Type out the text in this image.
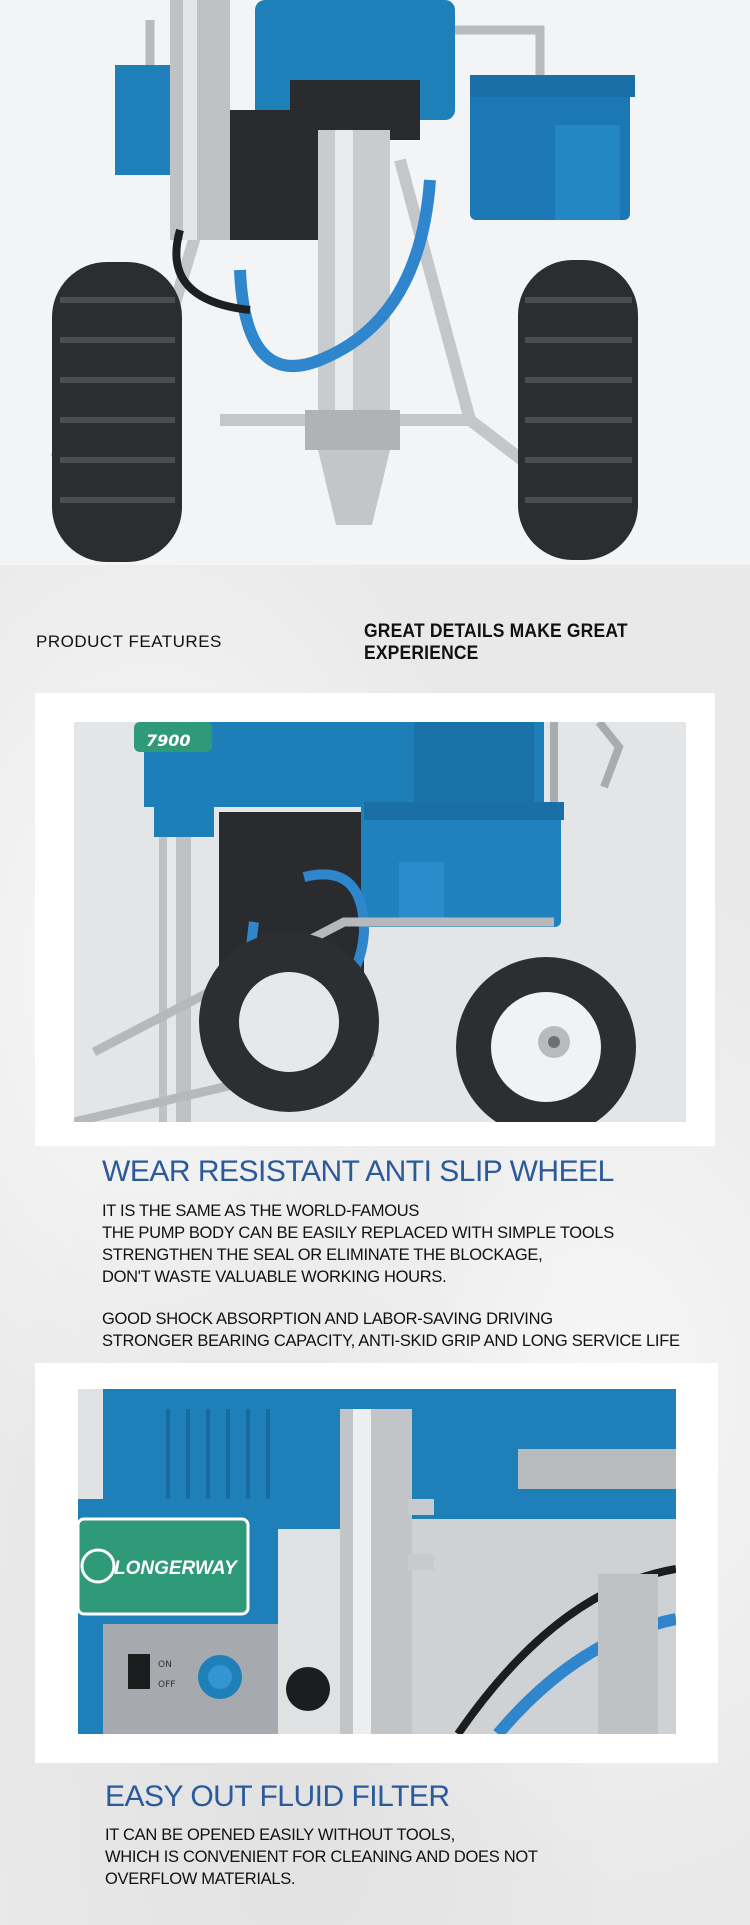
PRODUCT FEATURES	GREAT DETAILS MAKE GREAT EXPERIENCE
7900
WEAR RESISTANT ANTI SLIP WHEEL
IT IS THE SAME AS THE WORLD-FAMOUS
THE PUMP BODY CAN BE EASILY REPLACED WITH SIMPLE TOOLS
STRENGTHEN THE SEAL OR ELIMINATE THE BLOCKAGE,
DON'T WASTE VALUABLE WORKING HOURS.
GOOD SHOCK ABSORPTION AND LABOR-SAVING DRIVING
STRONGER BEARING CAPACITY, ANTI-SKID GRIP AND LONG SERVICE LIFE
LONGERWAY
ON
OFF
EASY OUT FLUID FILTER
IT CAN BE OPENED EASILY WITHOUT TOOLS,
WHICH IS CONVENIENT FOR CLEANING AND DOES NOT
OVERFLOW MATERIALS.
